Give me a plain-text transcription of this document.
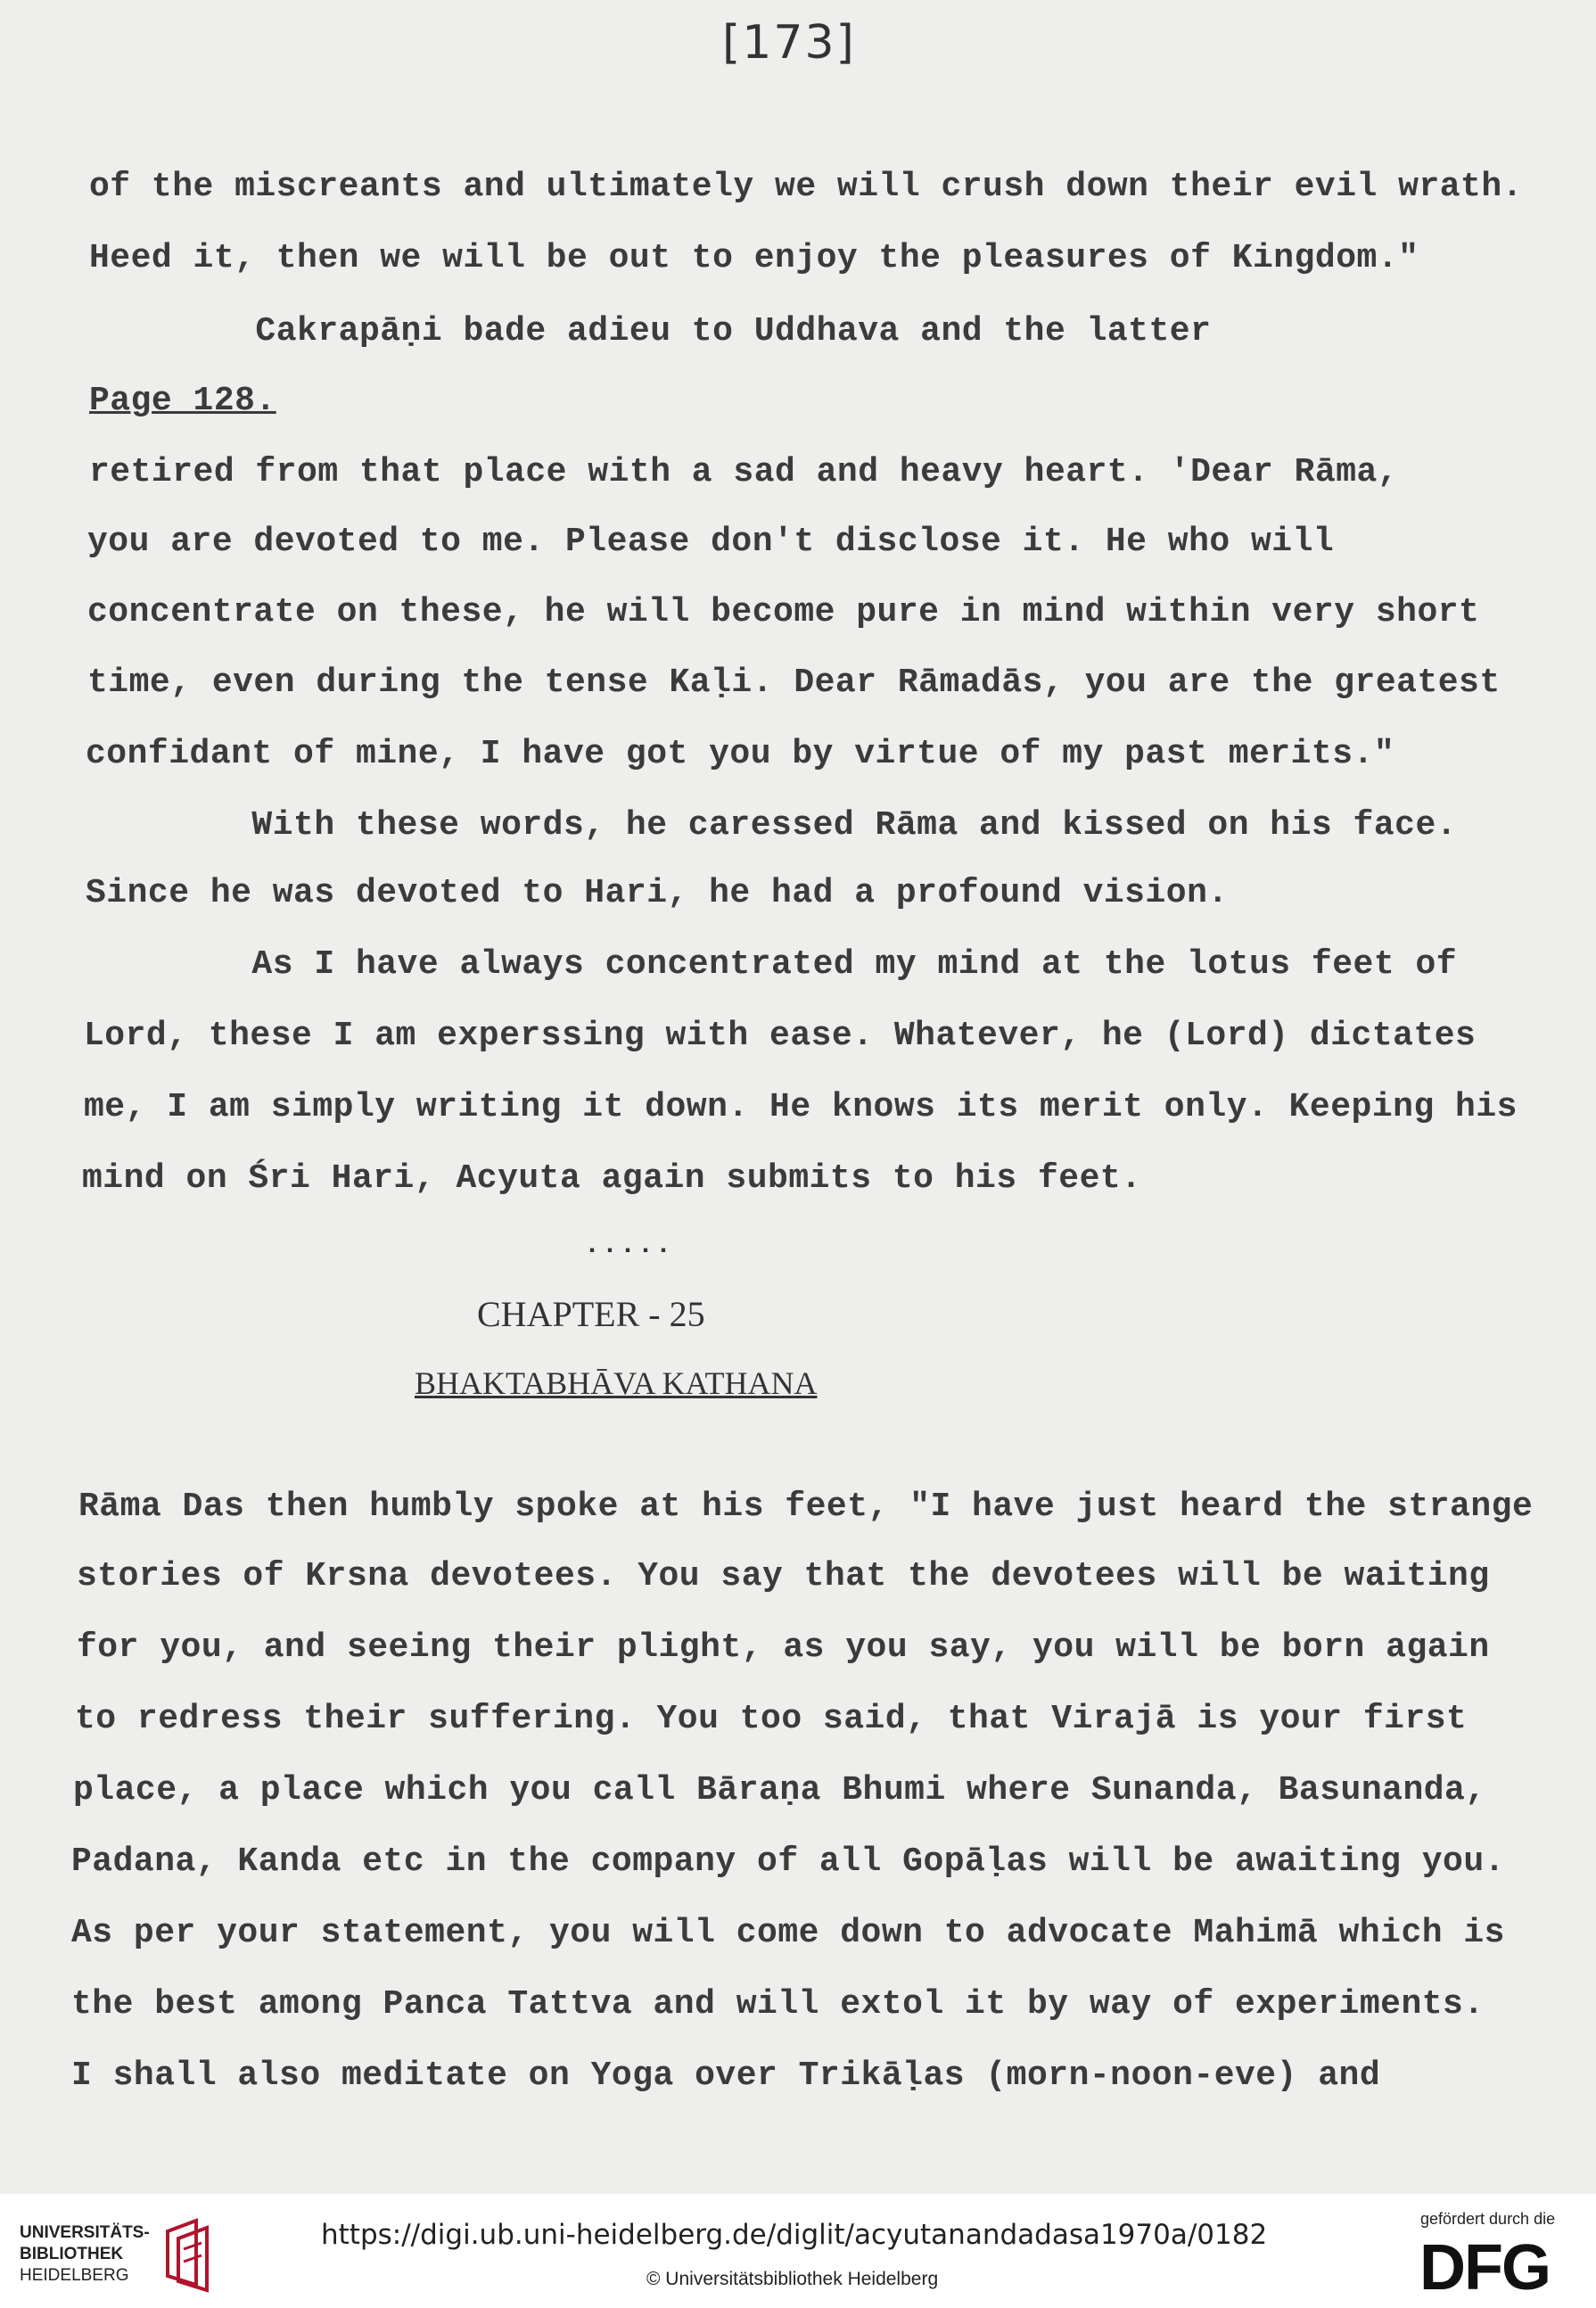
[173]
of the miscreants and ultimately we will crush down their evil wrath.
Heed it, then we will be out to enjoy the pleasures of Kingdom."
Cakrapāṇi bade adieu to Uddhava and the latter
Page 128.
retired from that place with a sad and heavy heart. 'Dear Rāma,
you are devoted to me. Please don't disclose it. He who will
concentrate on these, he will become pure in mind within very short
time, even during the tense Kaḷi. Dear Rāmadās, you are the greatest
confidant of mine, I have got you by virtue of my past merits."
With these words, he caressed Rāma and kissed on his face.
Since he was devoted to Hari, he had a profound vision.
As I have always concentrated my mind at the lotus feet of
Lord, these I am experssing with ease. Whatever, he (Lord) dictates
me, I am simply writing it down. He knows its merit only. Keeping his
mind on Śri Hari, Acyuta again submits to his feet.
.....
CHAPTER - 25
BHAKTABHĀVA KATHANA
Rāma Das then humbly spoke at his feet, "I have just heard the strange
stories of Krsna devotees. You say that the devotees will be waiting
for you, and seeing their plight, as you say, you will be born again
to redress their suffering. You too said, that Virajā is your first
place, a place which you call Bāraṇa Bhumi where Sunanda, Basunanda,
Padana, Kanda etc in the company of all Gopāḷas will be awaiting you.
As per your statement, you will come down to advocate Mahimā which is
the best among Panca Tattva and will extol it by way of experiments.
I shall also meditate on Yoga over Trikāḷas (morn-noon-eve) and
UNIVERSITÄTS-
BIBLIOTHEK
HEIDELBERG
https://digi.ub.uni-heidelberg.de/diglit/acyutanandadasa1970a/0182
© Universitätsbibliothek Heidelberg
gefördert durch die
DFG
